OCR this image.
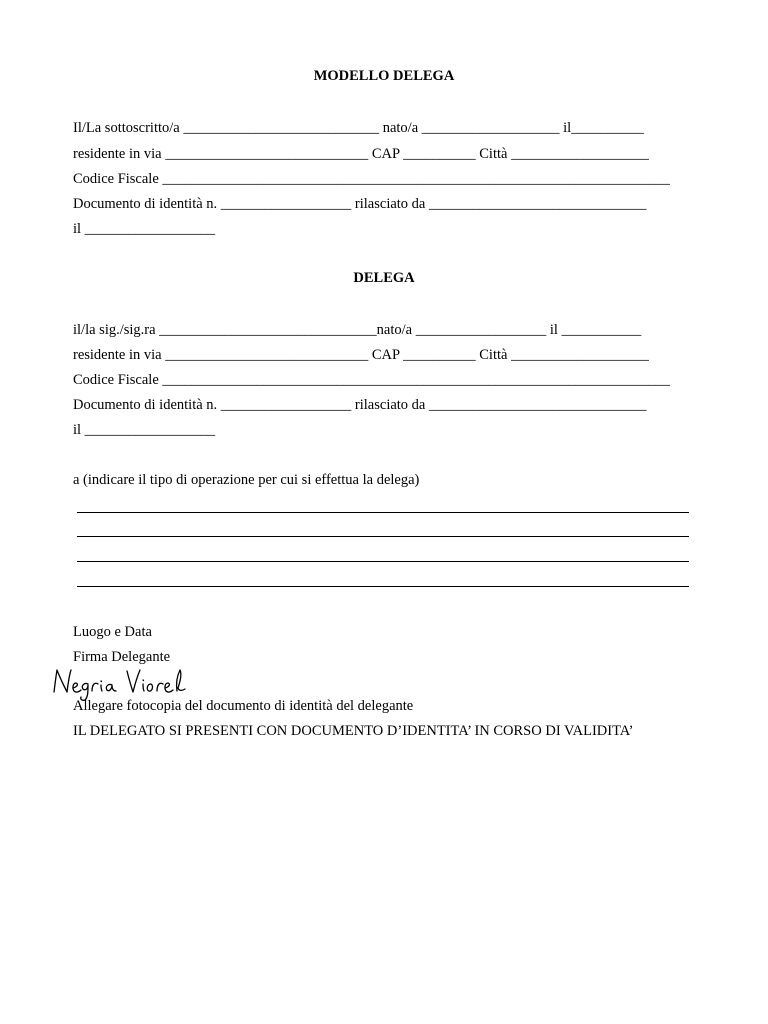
MODELLO DELEGA
Il/La sottoscritto/a ___________________________ nato/a ___________________ il__________
residente in via ____________________________ CAP __________ Città ___________________
Codice Fiscale ______________________________________________________________________
Documento di identità n. __________________ rilasciato da ______________________________
il __________________
DELEGA
il/la sig./sig.ra ______________________________nato/a __________________ il ___________
residente in via ____________________________ CAP __________ Città ___________________
Codice Fiscale ______________________________________________________________________
Documento di identità n. __________________ rilasciato da ______________________________
il __________________
a (indicare il tipo di operazione per cui si effettua la delega)
Luogo e Data
Firma Delegante
Allegare fotocopia del documento di identità del delegante
IL DELEGATO SI PRESENTI CON DOCUMENTO D’IDENTITA’ IN CORSO DI VALIDITA’
